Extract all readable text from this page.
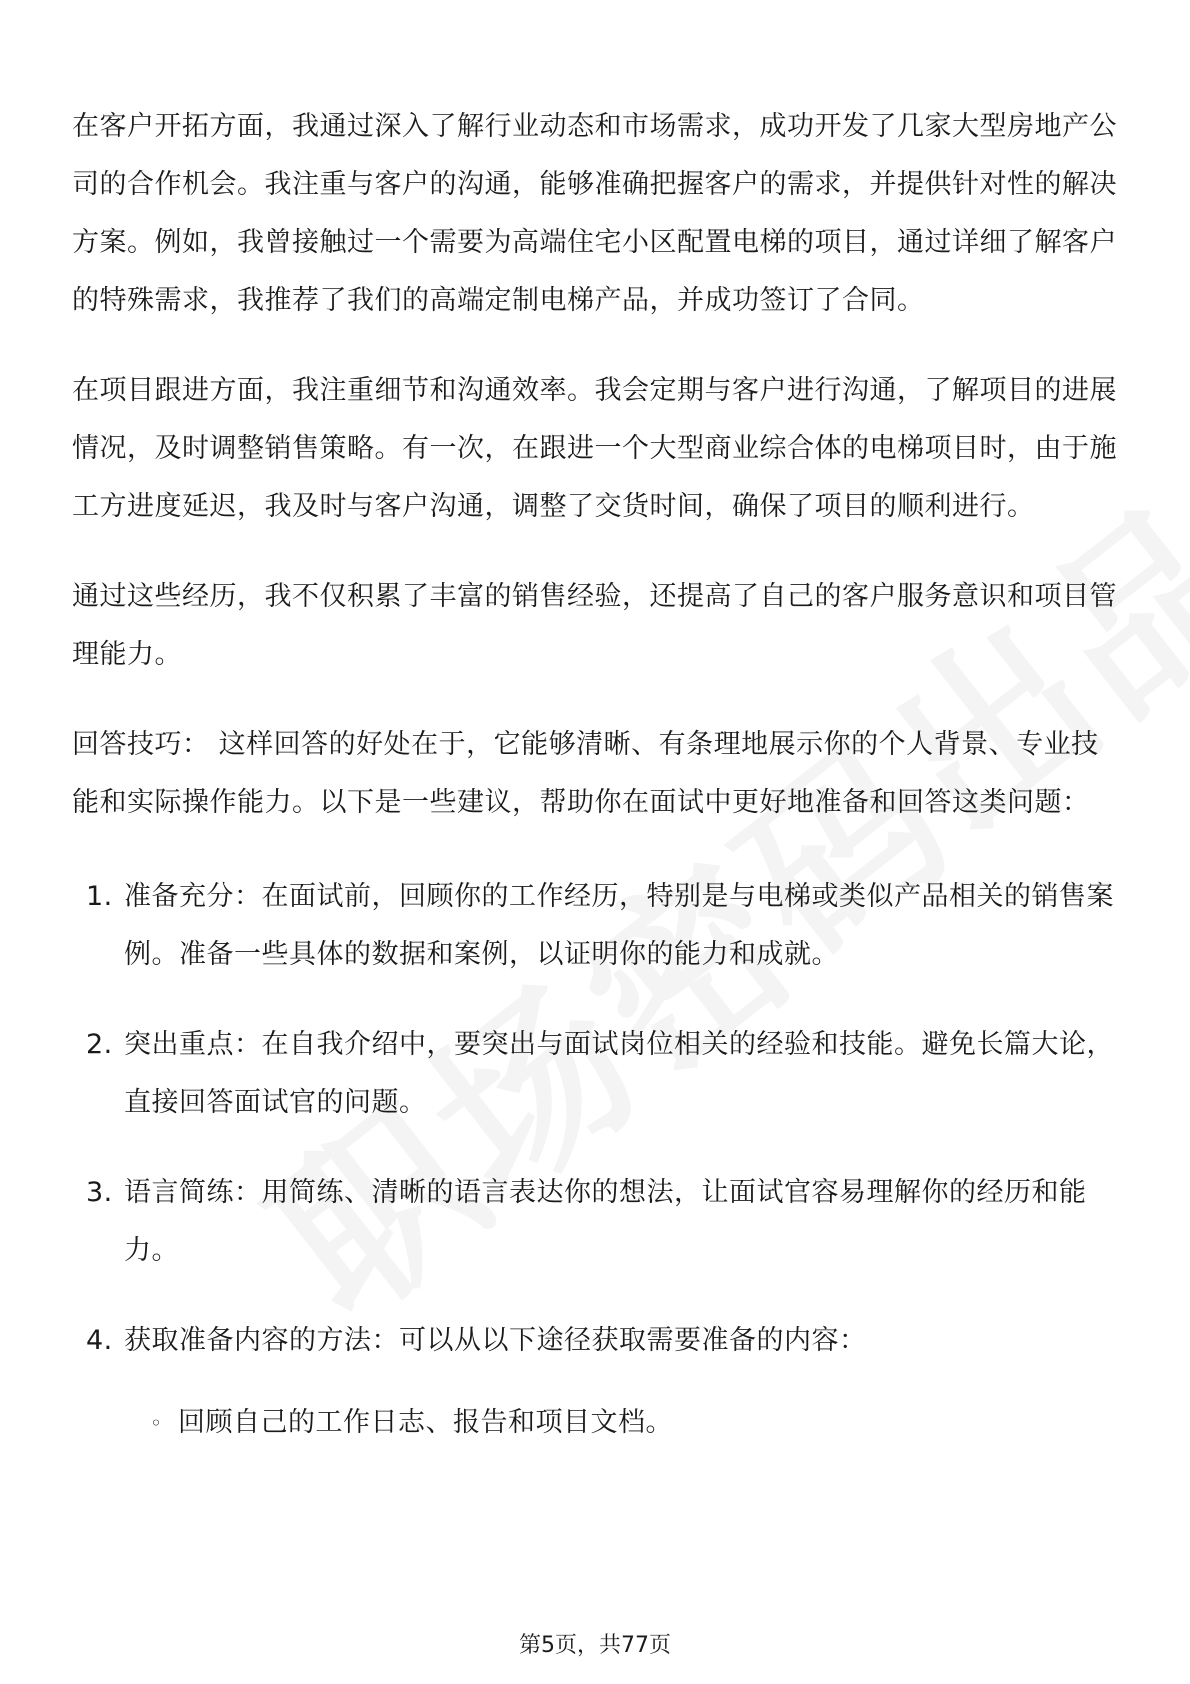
在客户开拓方面，我通过深入了解行业动态和市场需求，成功开发了几家大型房地产公司的合作机会。我注重与客户的沟通，能够准确把握客户的需求，并提供针对性的解决方案。例如，我曾接触过一个需要为高端住宅小区配置电梯的项目，通过详细了解客户的特殊需求，我推荐了我们的高端定制电梯产品，并成功签订了合同。

在项目跟进方面，我注重细节和沟通效率。我会定期与客户进行沟通，了解项目的进展情况，及时调整销售策略。有一次，在跟进一个大型商业综合体的电梯项目时，由于施工方进度延迟，我及时与客户沟通，调整了交货时间，确保了项目的顺利进行。

通过这些经历，我不仅积累了丰富的销售经验，还提高了自己的客户服务意识和项目管理能力。

回答技巧： 这样回答的好处在于，它能够清晰、有条理地展示你的个人背景、专业技能和实际操作能力。以下是一些建议，帮助你在面试中更好地准备和回答这类问题：

1. 准备充分：在面试前，回顾你的工作经历，特别是与电梯或类似产品相关的销售案例。准备一些具体的数据和案例，以证明你的能力和成就。
2. 突出重点：在自我介绍中，要突出与面试岗位相关的经验和技能。避免长篇大论，直接回答面试官的问题。
3. 语言简练：用简练、清晰的语言表达你的想法，让面试官容易理解你的经历和能力。
4. 获取准备内容的方法：可以从以下途径获取需要准备的内容：
◦ 回顾自己的工作日志、报告和项目文档。
第5页，共77页
